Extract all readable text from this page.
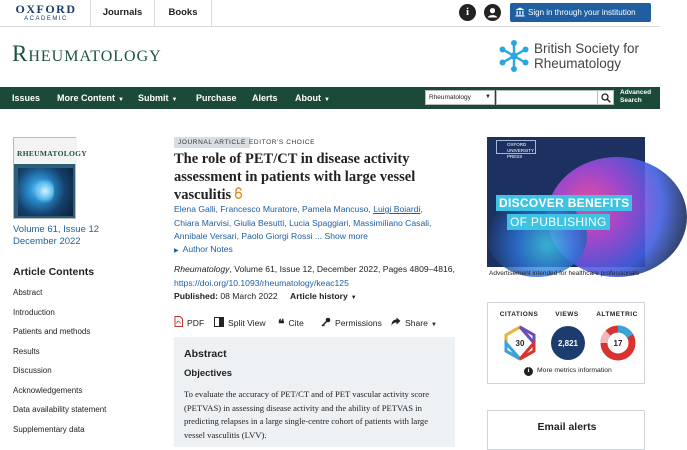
OXFORD
ACADEMIC
Journals	Books	i	Sign in through your institution
Rheumatology	British Society for
Rheumatology
Issues More Content ▼ Submit ▼ Purchase Alerts About ▼	Rheumatology ▼
Advanced
Search
RHEUMATOLOGY
Volume 61, Issue 12
December 2022
Article Contents
Abstract
Introduction
Patients and methods
Results
Discussion
Acknowledgements
Data availability statement
Supplementary data
JOURNAL ARTICLE EDITOR'S CHOICE
The role of PET/CT in disease activity assessment in patients with large vessel vasculitis
Elena Galli, Francesco Muratore, Pamela Mancuso, Luigi Boiardi,
Chiara Marvisi, Giulia Besutti, Lucia Spaggiari, Massimiliano Casali,
Annibale Versari, Paolo Giorgi Rossi ... Show more
▶ Author Notes
Rheumatology, Volume 61, Issue 12, December 2022, Pages 4809–4816,
https://doi.org/10.1093/rheumatology/keac125
Published: 08 March 2022 Article history ▼
PDF	Split View ❝ Cite	Permissions	Share ▼
Abstract
Objectives
To evaluate the accuracy of PET/CT and of PET vascular activity score (PETVAS) in assessing disease activity and the ability of PETVAS in predicting relapses in a large single-centre cohort of patients with large vessel vasculitis (LVV).
OXFORD
UNIVERSITY PRESS
DISCOVER BENEFITS
OF PUBLISHING
Advertisement intended for healthcare professionals
CITATIONS	VIEWS	ALTMETRIC
30	2,821	17
i More metrics information
Email alerts
